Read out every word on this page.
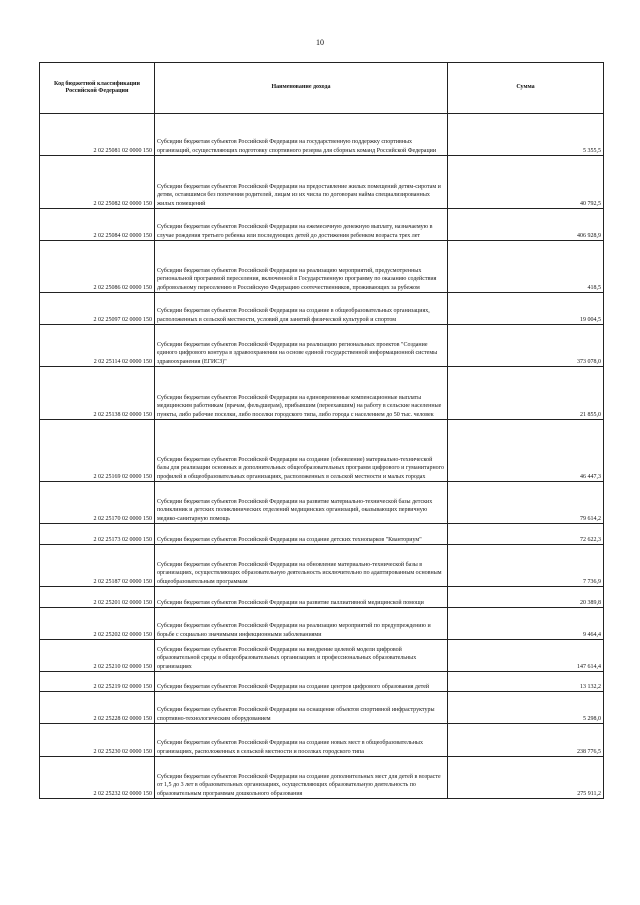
10
Код бюджетной классификации Российской Федерации	Наименование дохода	Сумма
2 02 25081 02 0000 150	Субсидии бюджетам субъектов Российской Федерации на государственную поддержку спортивных организаций, осуществляющих подготовку спортивного резерва для сборных команд Российской Федерации	5 355,5
2 02 25082 02 0000 150	Субсидии бюджетам субъектов Российской Федерации на предоставление жилых помещений детям-сиротам и детям, оставшимся без попечения родителей, лицам из их числа по договорам найма специализированных жилых помещений	40 792,5
2 02 25084 02 0000 150	Субсидии бюджетам субъектов Российской Федерации на ежемесячную денежную выплату, назначаемую в случае рождения третьего ребенка или последующих детей до достижения ребенком возраста трех лет	406 928,9
2 02 25086 02 0000 150	Субсидии бюджетам субъектов Российской Федерации на реализацию мероприятий, предусмотренных региональной программой переселения, включенной в Государственную программу по оказанию содействия добровольному переселению в Российскую Федерацию соотечественников, проживающих за рубежом	418,5
2 02 25097 02 0000 150	Субсидии бюджетам субъектов Российской Федерации на создание в общеобразовательных организациях, расположенных в сельской местности, условий для занятий физической культурой и спортом	19 004,5
2 02 25114 02 0000 150	Субсидии бюджетам субъектов Российской Федерации на реализацию региональных проектов "Создание единого цифрового контура в здравоохранении на основе единой государственной информационной системы здравоохранения (ЕГИСЗ)"	373 078,0
2 02 25138 02 0000 150	Субсидии бюджетам субъектов Российской Федерации на единовременные компенсационные выплаты медицинским работникам (врачам, фельдшерам), прибывшим (переехавшим) на работу в сельские населенные пункты, либо рабочие поселки, либо поселки городского типа, либо города с населением до 50 тыс. человек	21 855,0
2 02 25169 02 0000 150	Субсидии бюджетам субъектов Российской Федерации на создание (обновление) материально-технической базы для реализации основных и дополнительных общеобразовательных программ цифрового и гуманитарного профилей в общеобразовательных организациях, расположенных в сельской местности и малых городах	46 447,3
2 02 25170 02 0000 150	Субсидии бюджетам субъектов Российской Федерации на развитие материально-технической базы детских поликлиник и детских поликлинических отделений медицинских организаций, оказывающих первичную медико-санитарную помощь	79 614,2
2 02 25173 02 0000 150	Субсидии бюджетам субъектов Российской Федерации на создание детских технопарков "Кванториум"	72 622,3
2 02 25187 02 0000 150	Субсидии бюджетам субъектов Российской Федерации на обновление материально-технической базы в организациях, осуществляющих образовательную деятельность исключительно по адаптированным основным общеобразовательным программам	7 736,9
2 02 25201 02 0000 150	Субсидии бюджетам субъектов Российской Федерации на развитие паллиативной медицинской помощи	20 389,8
2 02 25202 02 0000 150	Субсидии бюджетам субъектов Российской Федерации на реализацию мероприятий по предупреждению и борьбе с социально значимыми инфекционными заболеваниями	9 464,4
2 02 25210 02 0000 150	Субсидии бюджетам субъектов Российской Федерации на внедрение целевой модели цифровой образовательной среды в общеобразовательных организациях и профессиональных образовательных организациях	147 614,4
2 02 25219 02 0000 150	Субсидии бюджетам субъектов Российской Федерации на создание центров цифрового образования детей	13 132,2
2 02 25228 02 0000 150	Субсидии бюджетам субъектов Российской Федерации на оснащение объектов спортивной инфраструктуры спортивно-технологическим оборудованием	5 298,0
2 02 25230 02 0000 150	Субсидии бюджетам субъектов Российской Федерации на создание новых мест в общеобразовательных организациях, расположенных в сельской местности и поселках городского типа	238 776,5
2 02 25232 02 0000 150	Субсидии бюджетам субъектов Российской Федерации на создание дополнительных мест для детей в возрасте от 1,5 до 3 лет в образовательных организациях, осуществляющих образовательную деятельность по образовательным программам дошкольного образования	275 911,2
